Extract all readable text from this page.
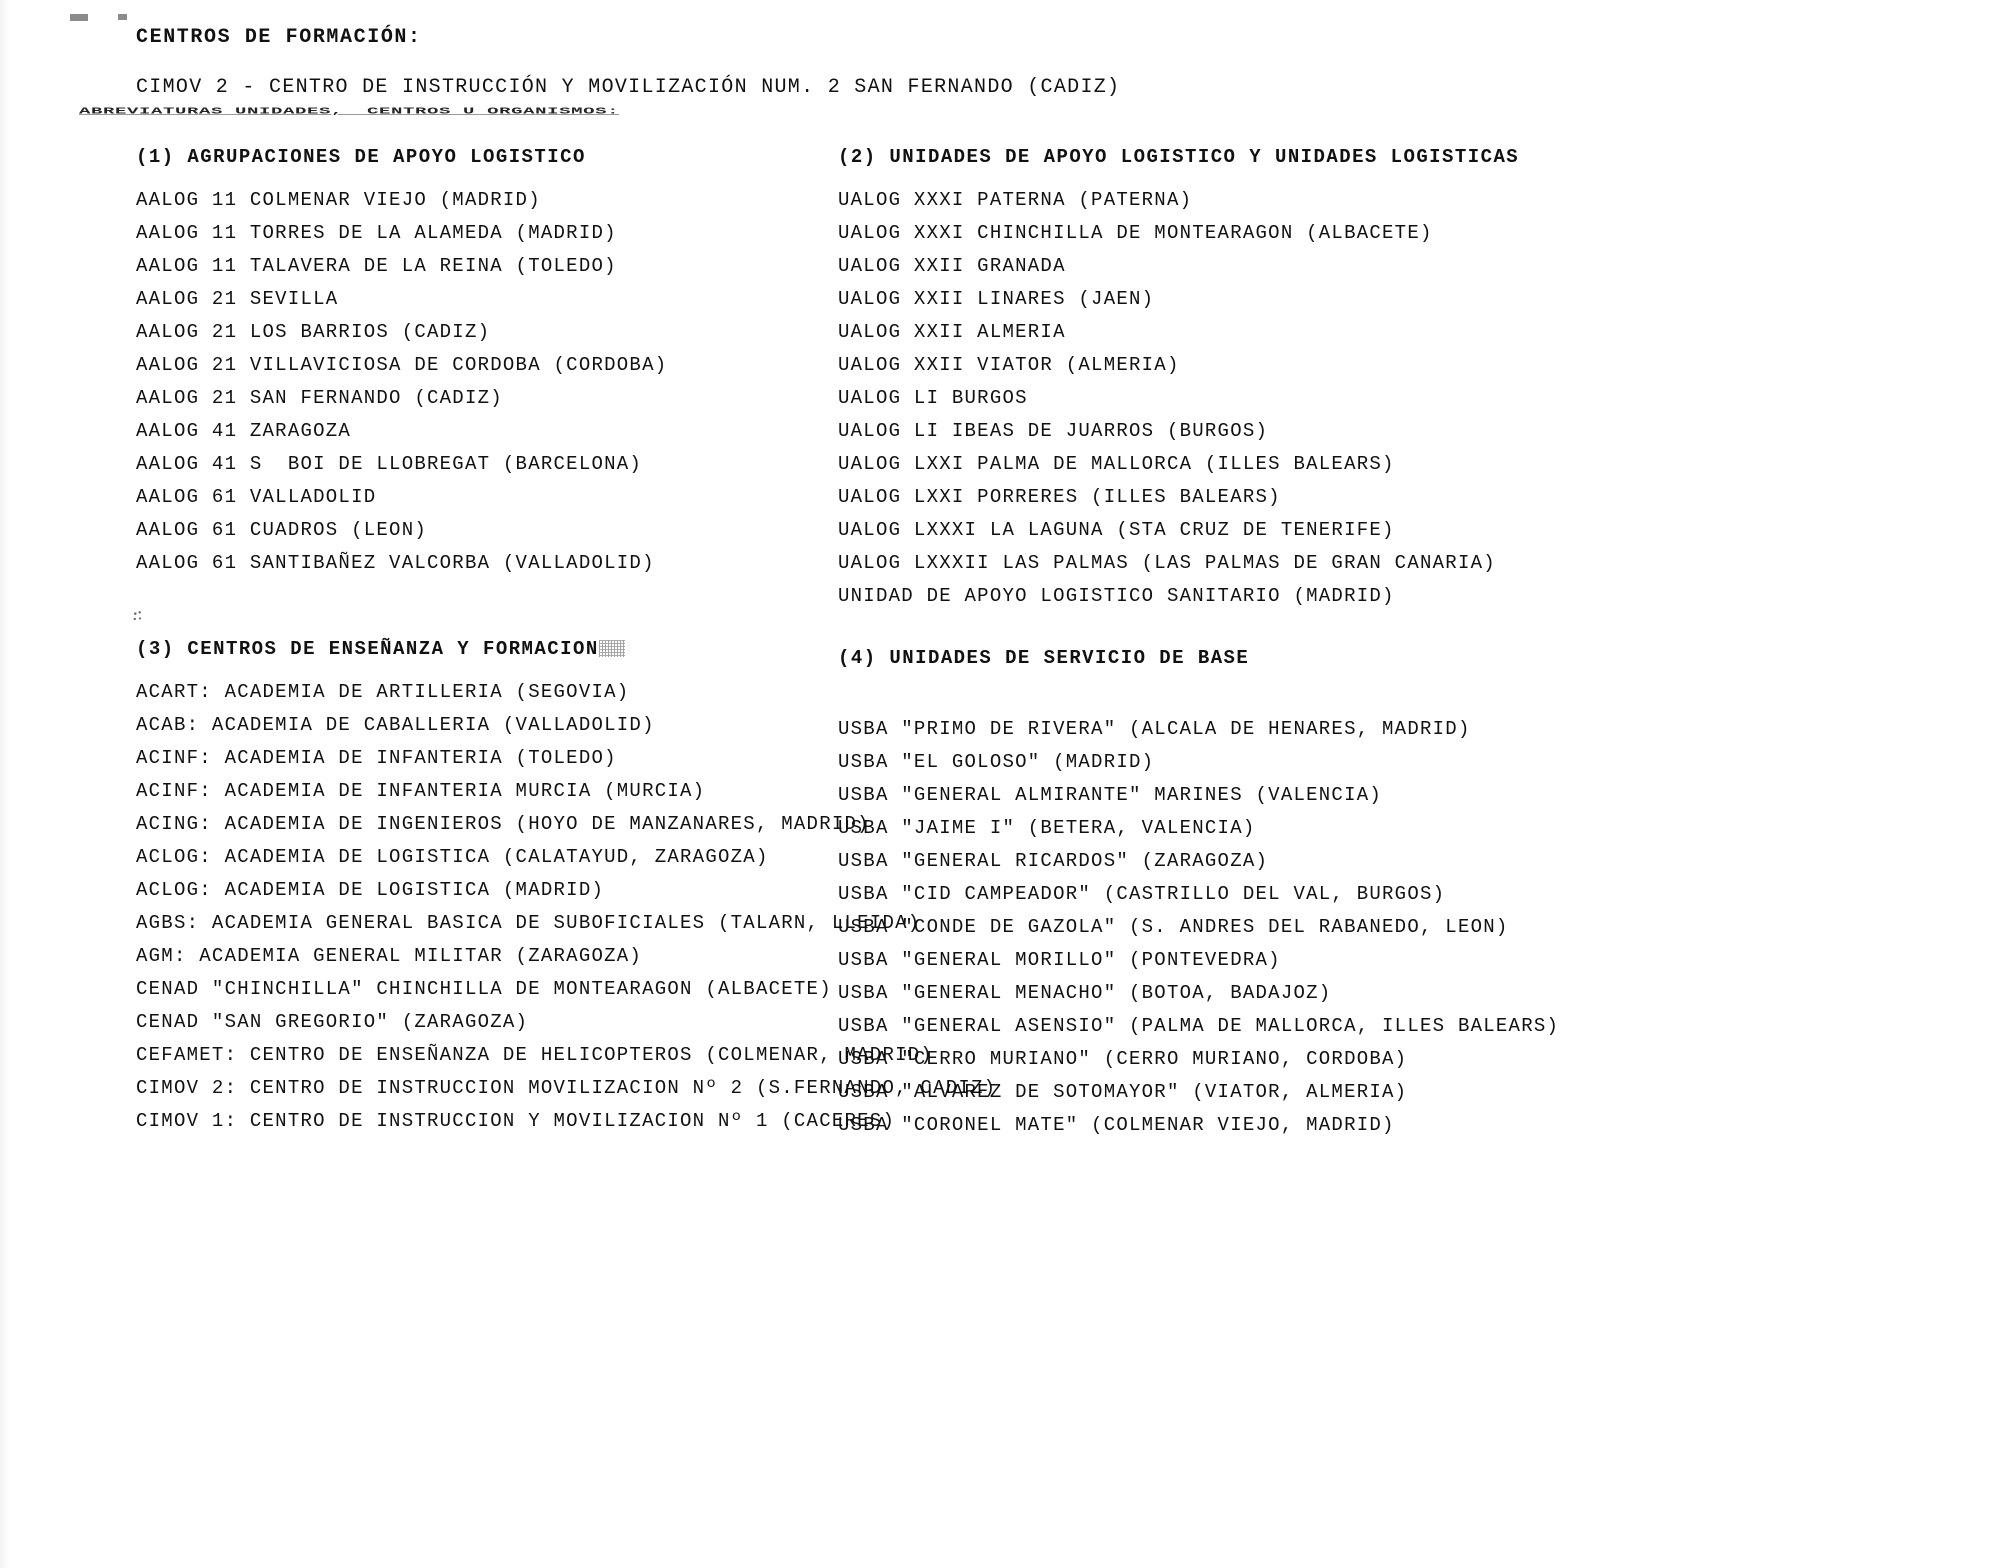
CENTROS DE FORMACIÓN:
CIMOV 2 - CENTRO DE INSTRUCCIÓN Y MOVILIZACIÓN NUM. 2 SAN FERNANDO (CADIZ)
ABREVIATURAS UNIDADES,  CENTROS U ORGANISMOS:
(1) AGRUPACIONES DE APOYO LOGISTICO
AALOG 11 COLMENAR VIEJO (MADRID)
AALOG 11 TORRES DE LA ALAMEDA (MADRID)
AALOG 11 TALAVERA DE LA REINA (TOLEDO)
AALOG 21 SEVILLA
AALOG 21 LOS BARRIOS (CADIZ)
AALOG 21 VILLAVICIOSA DE CORDOBA (CORDOBA)
AALOG 21 SAN FERNANDO (CADIZ)
AALOG 41 ZARAGOZA
AALOG 41 S  BOI DE LLOBREGAT (BARCELONA)
AALOG 61 VALLADOLID
AALOG 61 CUADROS (LEON)
AALOG 61 SANTIBAÑEZ VALCORBA (VALLADOLID)
(3) CENTROS DE ENSEÑANZA Y FORMACION
ACART: ACADEMIA DE ARTILLERIA (SEGOVIA)
ACAB: ACADEMIA DE CABALLERIA (VALLADOLID)
ACINF: ACADEMIA DE INFANTERIA (TOLEDO)
ACINF: ACADEMIA DE INFANTERIA MURCIA (MURCIA)
ACING: ACADEMIA DE INGENIEROS (HOYO DE MANZANARES, MADRID)
ACLOG: ACADEMIA DE LOGISTICA (CALATAYUD, ZARAGOZA)
ACLOG: ACADEMIA DE LOGISTICA (MADRID)
AGBS: ACADEMIA GENERAL BASICA DE SUBOFICIALES (TALARN, LLEIDA)
AGM: ACADEMIA GENERAL MILITAR (ZARAGOZA)
CENAD "CHINCHILLA" CHINCHILLA DE MONTEARAGON (ALBACETE)
CENAD "SAN GREGORIO" (ZARAGOZA)
CEFAMET: CENTRO DE ENSEÑANZA DE HELICOPTEROS (COLMENAR, MADRID)
CIMOV 2: CENTRO DE INSTRUCCION MOVILIZACION Nº 2 (S.FERNANDO, CADIZ)
CIMOV 1: CENTRO DE INSTRUCCION Y MOVILIZACION Nº 1 (CACERES)
(2) UNIDADES DE APOYO LOGISTICO Y UNIDADES LOGISTICAS
UALOG XXXI PATERNA (PATERNA)
UALOG XXXI CHINCHILLA DE MONTEARAGON (ALBACETE)
UALOG XXII GRANADA
UALOG XXII LINARES (JAEN)
UALOG XXII ALMERIA
UALOG XXII VIATOR (ALMERIA)
UALOG LI BURGOS
UALOG LI IBEAS DE JUARROS (BURGOS)
UALOG LXXI PALMA DE MALLORCA (ILLES BALEARS)
UALOG LXXI PORRERES (ILLES BALEARS)
UALOG LXXXI LA LAGUNA (STA CRUZ DE TENERIFE)
UALOG LXXXII LAS PALMAS (LAS PALMAS DE GRAN CANARIA)
UNIDAD DE APOYO LOGISTICO SANITARIO (MADRID)
(4) UNIDADES DE SERVICIO DE BASE
USBA "PRIMO DE RIVERA" (ALCALA DE HENARES, MADRID)
USBA "EL GOLOSO" (MADRID)
USBA "GENERAL ALMIRANTE" MARINES (VALENCIA)
USBA "JAIME I" (BETERA, VALENCIA)
USBA "GENERAL RICARDOS" (ZARAGOZA)
USBA "CID CAMPEADOR" (CASTRILLO DEL VAL, BURGOS)
USBA "CONDE DE GAZOLA" (S. ANDRES DEL RABANEDO, LEON)
USBA "GENERAL MORILLO" (PONTEVEDRA)
USBA "GENERAL MENACHO" (BOTOA, BADAJOZ)
USBA "GENERAL ASENSIO" (PALMA DE MALLORCA, ILLES BALEARS)
USBA "CERRO MURIANO" (CERRO MURIANO, CORDOBA)
USBA "ALVAREZ DE SOTOMAYOR" (VIATOR, ALMERIA)
USBA "CORONEL MATE" (COLMENAR VIEJO, MADRID)
